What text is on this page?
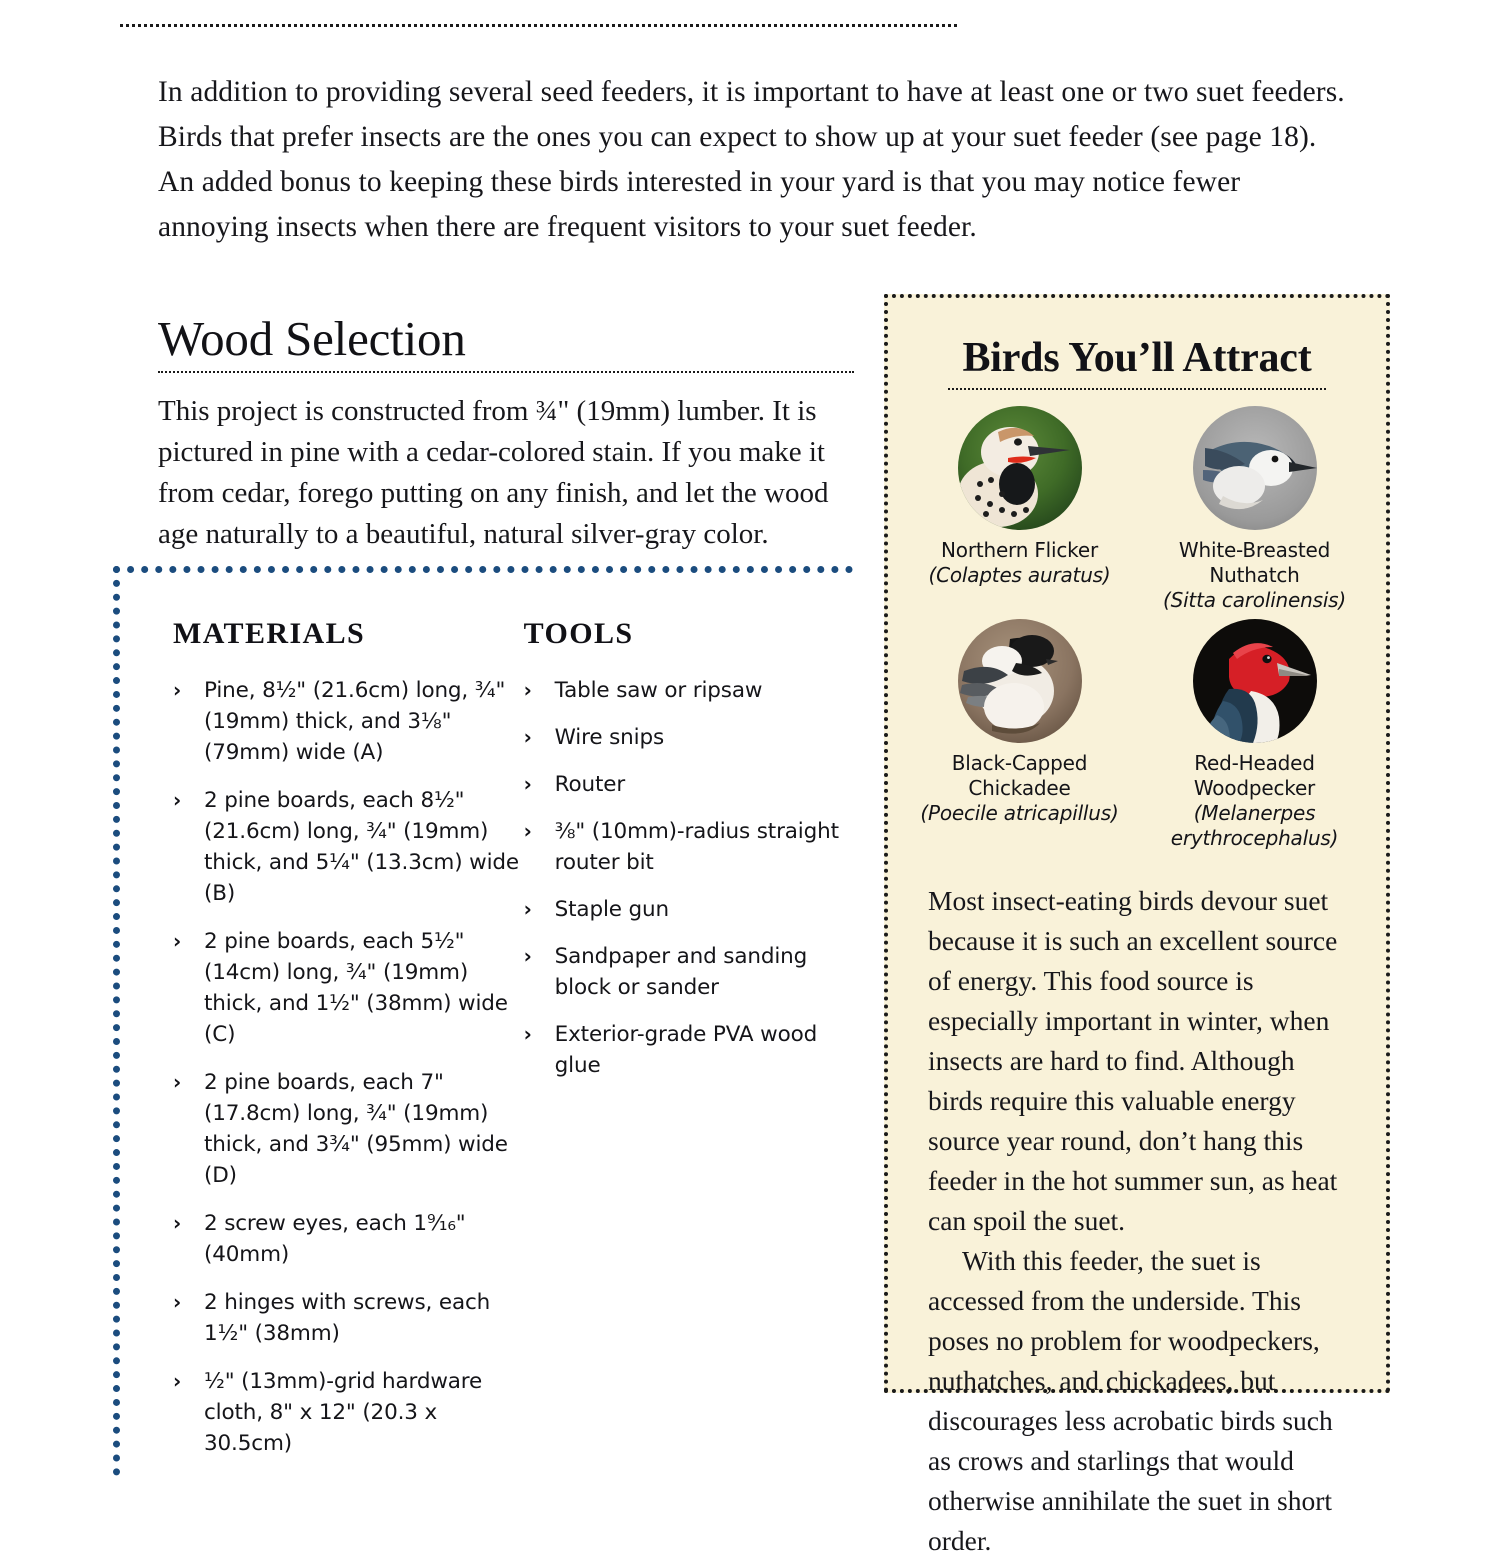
In addition to providing several seed feeders, it is important to have at least one or two suet feeders. Birds that prefer insects are the ones you can expect to show up at your suet feeder (see page 18). An added bonus to keeping these birds interested in your yard is that you may notice fewer annoying insects when there are frequent visitors to your suet feeder.
Wood Selection
This project is constructed from ¾" (19mm) lumber. It is pictured in pine with a cedar-colored stain. If you make it from cedar, forego putting on any finish, and let the wood age naturally to a beautiful, natural silver-gray color.
MATERIALS
› Pine, 8½" (21.6cm) long, ¾" (19mm) thick, and 3⅛" (79mm) wide (A)
› 2 pine boards, each 8½" (21.6cm) long, ¾" (19mm) thick, and 5¼" (13.3cm) wide (B)
› 2 pine boards, each 5½" (14cm) long, ¾" (19mm) thick, and 1½" (38mm) wide (C)
› 2 pine boards, each 7" (17.8cm) long, ¾" (19mm) thick, and 3¾" (95mm) wide (D)
› 2 screw eyes, each 1⁹⁄₁₆" (40mm)
› 2 hinges with screws, each 1½" (38mm)
› ½" (13mm)-grid hardware cloth, 8" x 12" (20.3 x 30.5cm)
TOOLS
› Table saw or ripsaw
› Wire snips
› Router
› ⅜" (10mm)-radius straight router bit
› Staple gun
› Sandpaper and sanding block or sander
› Exterior-grade PVA wood glue
Birds You’ll Attract
Northern Flicker
(Colaptes auratus)
White-Breasted Nuthatch
(Sitta carolinensis)
Black-Capped Chickadee
(Poecile atricapillus)
Red-Headed Woodpecker
(Melanerpes erythrocephalus)

Most insect-eating birds devour suet because it is such an excellent source of energy. This food source is especially important in winter, when insects are hard to find. Although birds require this valuable energy source year round, don’t hang this feeder in the hot summer sun, as heat can spoil the suet.

With this feeder, the suet is accessed from the underside. This poses no problem for woodpeckers, nuthatches, and chickadees, but discourages less acrobatic birds such as crows and starlings that would otherwise annihilate the suet in short order.
